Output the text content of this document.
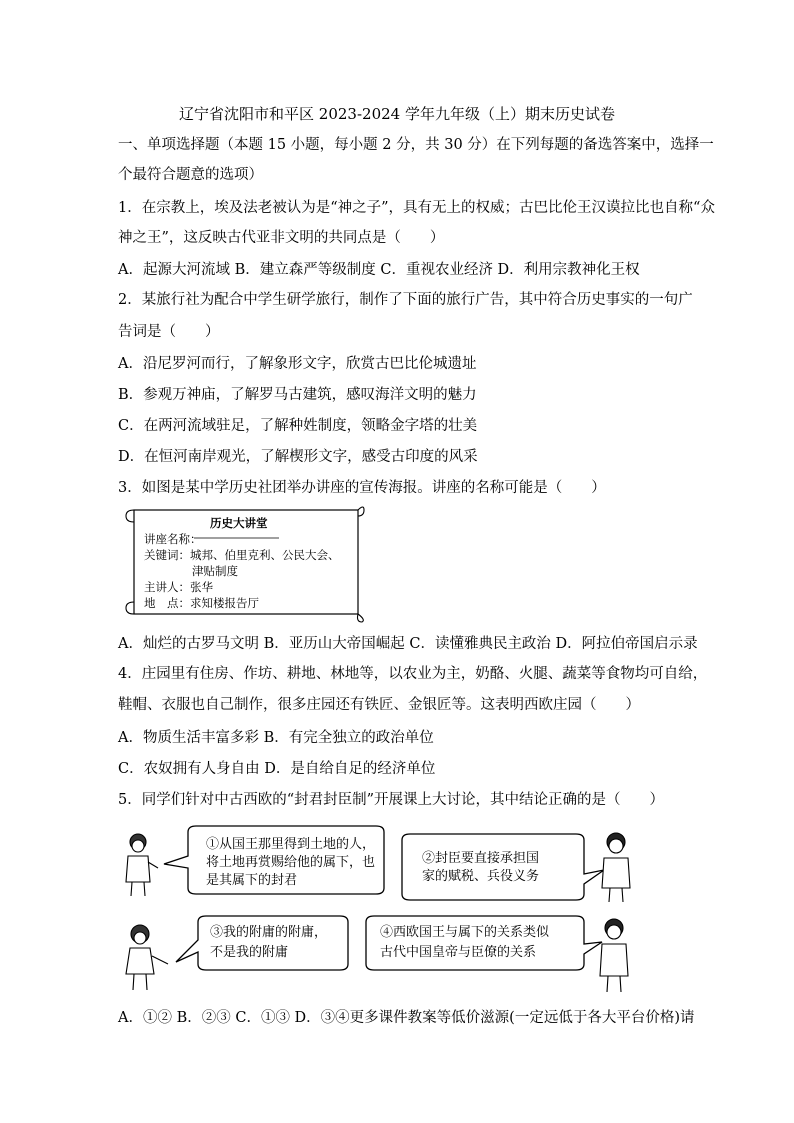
辽宁省沈阳市和平区 2023-2024 学年九年级（上）期末历史试卷
一、单项选择题（本题 15 小题，每小题 2 分，共 30 分）在下列每题的备选答案中，选择一
个最符合题意的选项）
1．在宗教上，埃及法老被认为是“神之子”，具有无上的权威；古巴比伦王汉谟拉比也自称“众
神之王”，这反映古代亚非文明的共同点是（　　）
A．起源大河流域 B．建立森严等级制度 C．重视农业经济 D．利用宗教神化王权
2．某旅行社为配合中学生研学旅行，制作了下面的旅行广告，其中符合历史事实的一句广
告词是（　　）
A．沿尼罗河而行，了解象形文字，欣赏古巴比伦城遗址
B．参观万神庙，了解罗马古建筑，感叹海洋文明的魅力
C．在两河流域驻足，了解种姓制度，领略金字塔的壮美
D．在恒河南岸观光，了解楔形文字，感受古印度的风采
3．如图是某中学历史社团举办讲座的宣传海报。讲座的名称可能是（　　）
历史大讲堂
讲座名称：
关键词：城邦、伯里克利、公民大会、
津贴制度
主讲人：张华
地　点：求知楼报告厅
A．灿烂的古罗马文明 B．亚历山大帝国崛起 C．读懂雅典民主政治 D．阿拉伯帝国启示录
4．庄园里有住房、作坊、耕地、林地等，以农业为主，奶酪、火腿、蔬菜等食物均可自给，
鞋帽、衣服也自己制作，很多庄园还有铁匠、金银匠等。这表明西欧庄园（　　）
A．物质生活丰富多彩 B．有完全独立的政治单位
C．农奴拥有人身自由 D．是自给自足的经济单位
5．同学们针对中古西欧的“封君封臣制”开展课上大讨论，其中结论正确的是（　　）
①从国王那里得到土地的人，
将土地再赏赐给他的属下，也
是其属下的封君
②封臣要直接承担国
家的赋税、兵役义务
③我的附庸的附庸，
不是我的附庸
④西欧国王与属下的关系类似
古代中国皇帝与臣僚的关系
A．①② B．②③ C．①③ D．③④更多课件教案等低价滋源(一定远低于各大平台价格)请
